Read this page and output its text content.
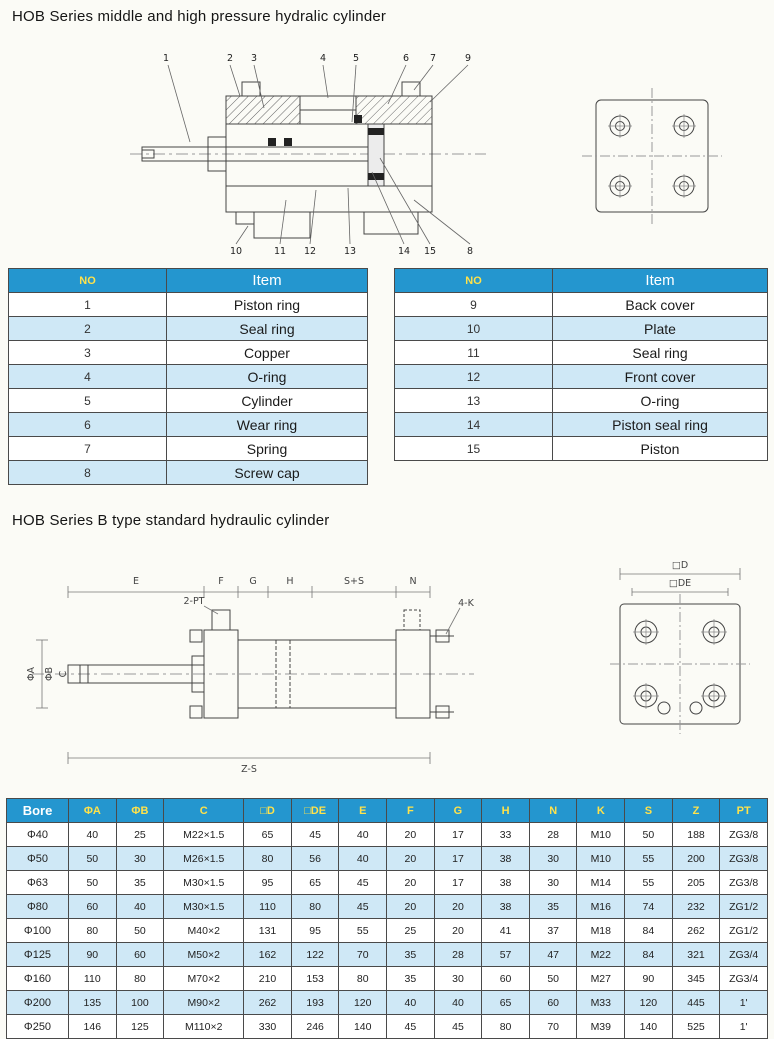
HOB Series middle and high pressure hydralic cylinder
1	2 3	4	5	6 7	9
10	11 12	13	14 15	8
NO	Item
1	Piston ring
2	Seal ring
3	Copper
4	O-ring
5	Cylinder
6	Wear ring
7	Spring
8	Screw cap
NO	Item
9	Back cover
10	Plate
11	Seal ring
12	Front cover
13	O-ring
14	Piston seal ring
15	Piston
HOB Series B type standard hydraulic cylinder
E	F	G	H	S+S	N
2-PT	4-K
Z-S
ΦA ΦB C
□D
□DE
Bore	ΦA	ΦB	C	□D	□DE	E	F	G	H	N	K	S	Z	PT
Φ40	40	25	M22×1.5	65	45	40	20	17	33	28	M10	50	188	ZG3/8
Φ50	50	30	M26×1.5	80	56	40	20	17	38	30	M10	55	200	ZG3/8
Φ63	50	35	M30×1.5	95	65	45	20	17	38	30	M14	55	205	ZG3/8
Φ80	60	40	M30×1.5	110	80	45	20	20	38	35	M16	74	232	ZG1/2
Φ100	80	50	M40×2	131	95	55	25	20	41	37	M18	84	262	ZG1/2
Φ125	90	60	M50×2	162	122	70	35	28	57	47	M22	84	321	ZG3/4
Φ160	110	80	M70×2	210	153	80	35	30	60	50	M27	90	345	ZG3/4
Φ200	135	100	M90×2	262	193	120	40	40	65	60	M33	120	445	1'
Φ250	146	125	M110×2	330	246	140	45	45	80	70	M39	140	525	1'
